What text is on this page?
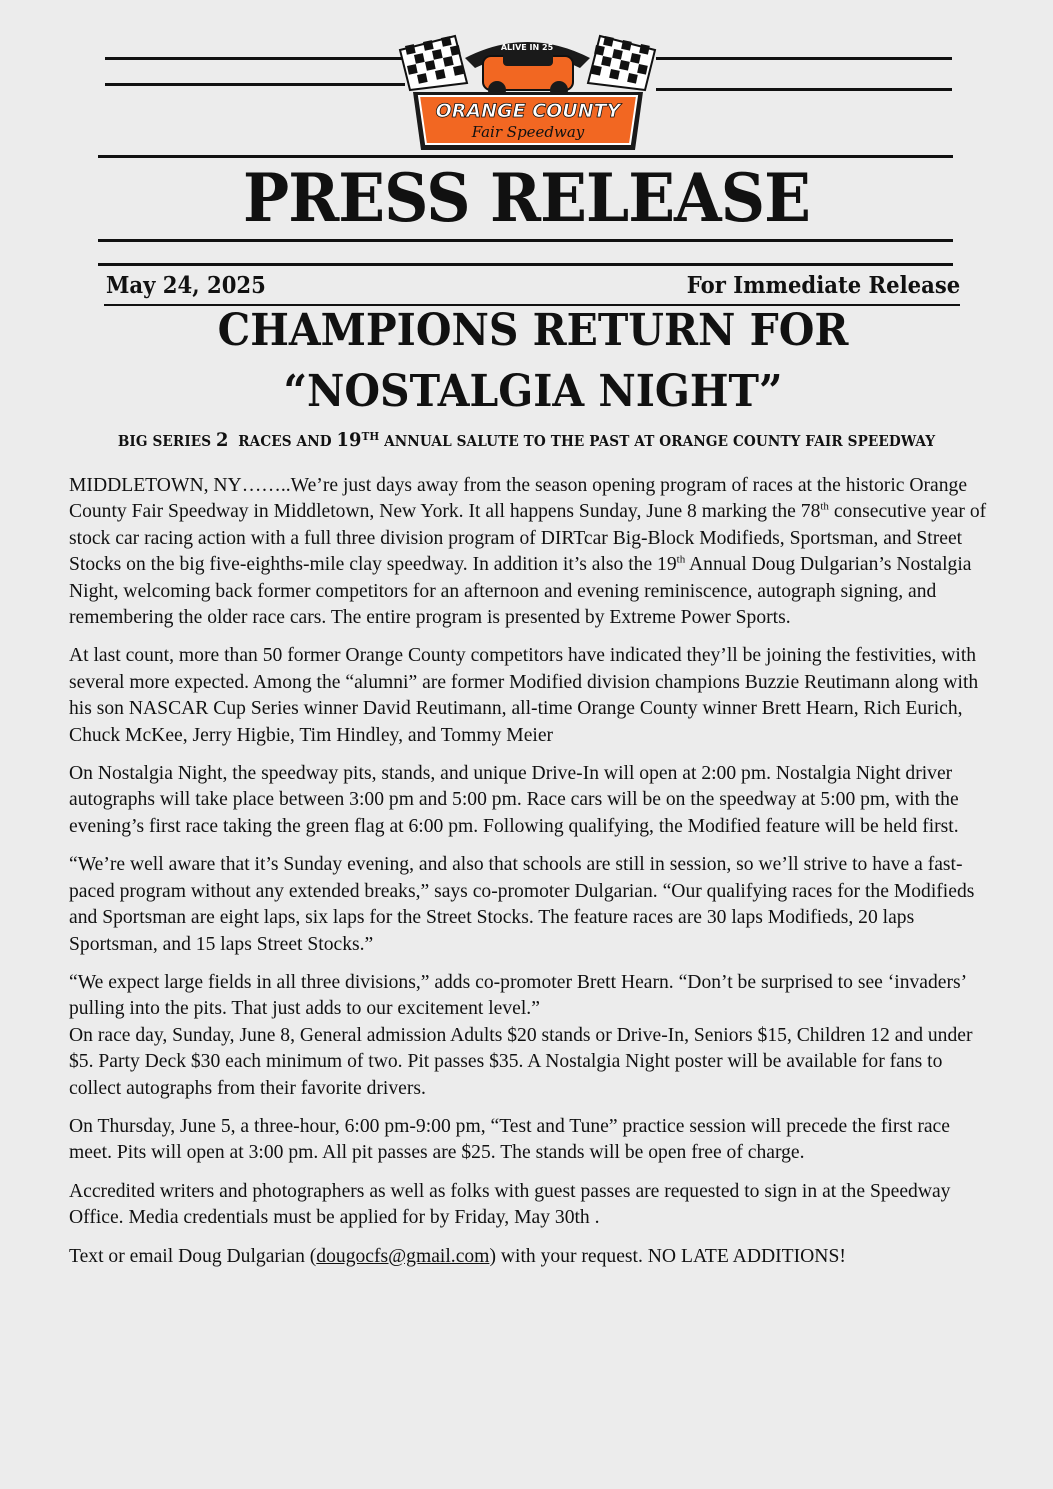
ALIVE IN 25
ORANGE COUNTY
Fair Speedway
PRESS RELEASE
May 24, 2025	For Immediate Release
CHAMPIONS RETURN FOR
“NOSTALGIA NIGHT”
BIG SERIES 2  RACES AND 19TH ANNUAL SALUTE TO THE PAST AT ORANGE COUNTY FAIR SPEEDWAY

MIDDLETOWN, NY……..We’re just days away from the season opening program of races at the historic Orange County Fair Speedway in Middletown, New York. It all happens Sunday, June 8 marking the 78th consecutive year of stock car racing action with a full three division program of DIRTcar Big-Block Modifieds, Sportsman, and Street Stocks on the big five-eighths-mile clay speedway. In addition it’s also the 19th Annual Doug Dulgarian’s Nostalgia Night, welcoming back former competitors for an afternoon and evening reminiscence, autograph signing, and remembering the older race cars. The entire program is presented by Extreme Power Sports.

At last count, more than 50 former Orange County competitors have indicated they’ll be joining the festivities, with several more expected. Among the “alumni” are former Modified division champions Buzzie Reutimann along with his son NASCAR Cup Series winner David Reutimann, all-time Orange County winner Brett Hearn, Rich Eurich, Chuck McKee, Jerry Higbie, Tim Hindley, and Tommy Meier

On Nostalgia Night, the speedway pits, stands, and unique Drive-In will open at 2:00 pm. Nostalgia Night driver autographs will take place between 3:00 pm and 5:00 pm. Race cars will be on the speedway at 5:00 pm, with the evening’s first race taking the green flag at 6:00 pm. Following qualifying, the Modified feature will be held first.

“We’re well aware that it’s Sunday evening, and also that schools are still in session, so we’ll strive to have a fast-paced program without any extended breaks,” says co-promoter Dulgarian. “Our qualifying races for the Modifieds and Sportsman are eight laps, six laps for the Street Stocks. The feature races are 30 laps Modifieds, 20 laps Sportsman, and 15 laps Street Stocks.”

“We expect large fields in all three divisions,” adds co-promoter Brett Hearn. “Don’t be surprised to see ‘invaders’ pulling into the pits. That just adds to our excitement level.”

On race day, Sunday, June 8, General admission Adults $20 stands or Drive-In, Seniors $15, Children 12 and under $5. Party Deck $30 each minimum of two. Pit passes $35. A Nostalgia Night poster will be available for fans to collect autographs from their favorite drivers.

On Thursday, June 5, a three-hour, 6:00 pm-9:00 pm, “Test and Tune” practice session will precede the first race meet. Pits will open at 3:00 pm. All pit passes are $25. The stands will be open free of charge.

Accredited writers and photographers as well as folks with guest passes are requested to sign in at the Speedway Office. Media credentials must be applied for by Friday, May 30th .

Text or email Doug Dulgarian (dougocfs@gmail.com) with your request. NO LATE ADDITIONS!
